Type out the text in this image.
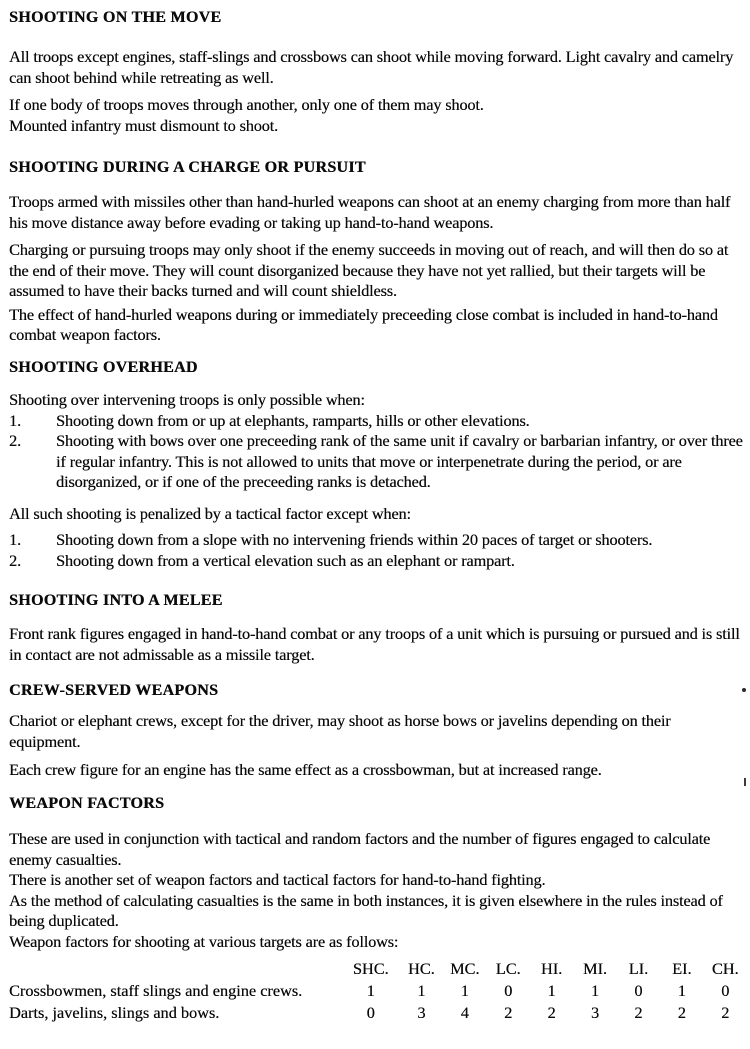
SHOOTING ON THE MOVE

All troops except engines, staff-slings and crossbows can shoot while moving forward. Light cavalry and camelry can shoot behind while retreating as well.

If one body of troops moves through another, only one of them may shoot.

Mounted infantry must dismount to shoot.

SHOOTING DURING A CHARGE OR PURSUIT

Troops armed with missiles other than hand-hurled weapons can shoot at an enemy charging from more than half his move distance away before evading or taking up hand-to-hand weapons.

Charging or pursuing troops may only shoot if the enemy succeeds in moving out of reach, and will then do so at the end of their move. They will count disorganized because they have not yet rallied, but their targets will be assumed to have their backs turned and will count shieldless.

The effect of hand-hurled weapons during or immediately preceeding close combat is included in hand-to-hand combat weapon factors.

SHOOTING OVERHEAD

Shooting over intervening troops is only possible when:

1.	Shooting down from or up at elephants, ramparts, hills or other elevations.
2.	Shooting with bows over one preceeding rank of the same unit if cavalry or barbarian infantry, or over three if regular infantry. This is not allowed to units that move or interpenetrate during the period, or are disorganized, or if one of the preceeding ranks is detached.

All such shooting is penalized by a tactical factor except when:

1.	Shooting down from a slope with no intervening friends within 20 paces of target or shooters.
2.	Shooting down from a vertical elevation such as an elephant or rampart.
SHOOTING INTO A MELEE

Front rank figures engaged in hand-to-hand combat or any troops of a unit which is pursuing or pursued and is still in contact are not admissable as a missile target.

CREW-SERVED WEAPONS

Chariot or elephant crews, except for the driver, may shoot as horse bows or javelins depending on their equipment.

Each crew figure for an engine has the same effect as a crossbowman, but at increased range.

WEAPON FACTORS

These are used in conjunction with tactical and random factors and the number of figures engaged to calculate enemy casualties.

There is another set of weapon factors and tactical factors for hand-to-hand fighting.

As the method of calculating casualties is the same in both instances, it is given elsewhere in the rules instead of being duplicated.

Weapon factors for shooting at various targets are as follows:

	SHC.	HC.	MC.	LC.	HI.	MI.	LI.	EI.	CH.
Crossbowmen, staff slings and engine crews.	1	1	1	0	1	1	0	1	0
Darts, javelins, slings and bows.	0	3	4	2	2	3	2	2	2
